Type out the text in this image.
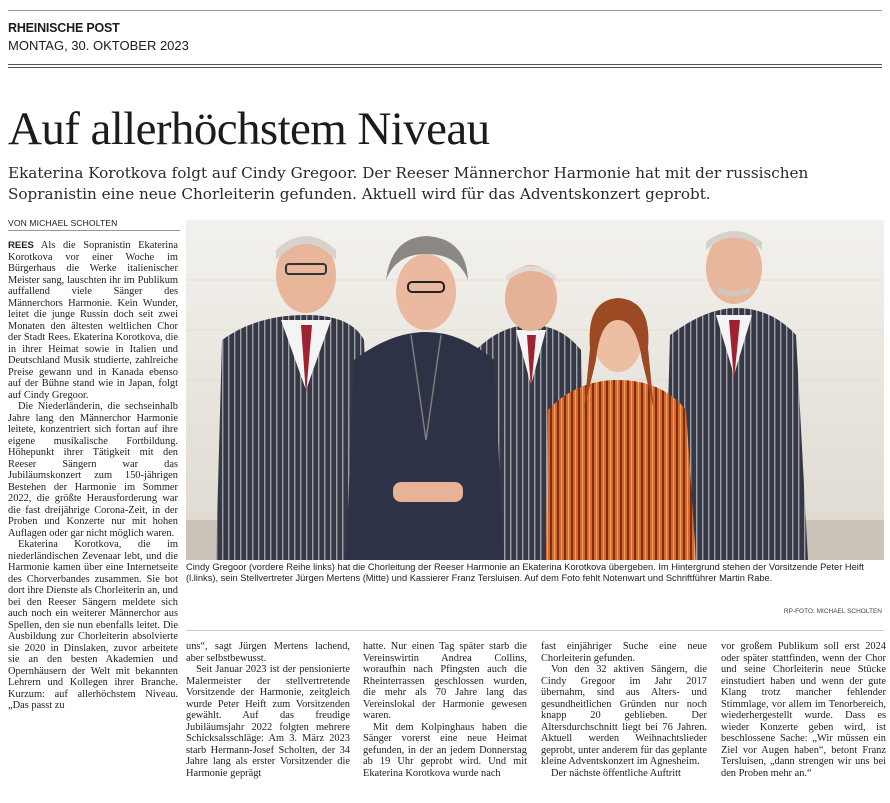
RHEINISCHE POST
MONTAG, 30. OKTOBER 2023
Auf allerhöchstem Niveau
Ekaterina Korotkova folgt auf Cindy Gregoor. Der Reeser Männerchor Harmonie hat mit der russischen Sopranistin eine neue Chorleiterin gefunden. Aktuell wird für das Adventskonzert geprobt.
VON MICHAEL SCHOLTEN

REES Als die Sopranistin Ekaterina Korotkova vor einer Woche im Bürgerhaus die Werke italienischer Meister sang, lauschten ihr im Publikum auffallend viele Sänger des Männerchors Harmonie. Kein Wunder, leitet die junge Russin doch seit zwei Monaten den ältesten weltlichen Chor der Stadt Rees. Ekaterina Korotkova, die in ihrer Heimat sowie in Italien und Deutschland Musik studierte, zahlreiche Preise gewann und in Kanada ebenso auf der Bühne stand wie in Japan, folgt auf Cindy Gregoor.

Die Niederländerin, die sechseinhalb Jahre lang den Männerchor Harmonie leitete, konzentriert sich fortan auf ihre eigene musikalische Fortbildung. Höhepunkt ihrer Tätigkeit mit den Reeser Sängern war das Jubiläumskonzert zum 150-jährigen Bestehen der Harmonie im Sommer 2022, die größte Herausforderung war die fast dreijährige Corona-Zeit, in der Proben und Konzerte nur mit hohen Auflagen oder gar nicht möglich waren.

Ekaterina Korotkova, die im niederländischen Zevenaar lebt, und die Harmonie kamen über eine Internetseite des Chorverbandes zusammen. Sie bot dort ihre Dienste als Chorleiterin an, und bei den Reeser Sängern meldete sich auch noch ein weiterer Männerchor aus Spellen, den sie nun ebenfalls leitet. Die Ausbildung zur Chorleiterin absolvierte sie 2020 in Dinslaken, zuvor arbeitete sie an den besten Akademien und Opernhäusern der Welt mit bekannten Lehrern und Kollegen ihrer Branche. Kurzum: auf allerhöchstem Niveau. „Das passt zu

Cindy Gregoor (vordere Reihe links) hat die Chorleitung der Reeser Harmonie an Ekaterina Korotkova übergeben. Im Hintergrund stehen der Vorsitzende Peter Heift (l.links), sein Stellvertreter Jürgen Mertens (Mitte) und Kassierer Franz Tersluisen. Auf dem Foto fehlt Notenwart und Schriftführer Martin Rabe.
RP-FOTO: MICHAEL SCHOLTEN

uns“, sagt Jürgen Mertens lachend, aber selbstbewusst.

Seit Januar 2023 ist der pensionierte Malermeister der stellvertretende Vorsitzende der Harmonie, zeitgleich wurde Peter Heift zum Vorsitzenden gewählt. Auf das freudige Jubiläumsjahr 2022 folgten mehrere Schicksalsschläge: Am 3. März 2023 starb Hermann-Josef Scholten, der 34 Jahre lang als erster Vorsitzender die Harmonie geprägt

hatte. Nur einen Tag später starb die Vereinswirtin Andrea Collins, woraufhin nach Pfingsten auch die Rheinterrassen geschlossen wurden, die mehr als 70 Jahre lang das Vereinslokal der Harmonie gewesen waren.

Mit dem Kolpinghaus haben die Sänger vorerst eine neue Heimat gefunden, in der an jedem Donnerstag ab 19 Uhr geprobt wird. Und mit Ekaterina Korotkova wurde nach

fast einjähriger Suche eine neue Chorleiterin gefunden.

Von den 32 aktiven Sängern, die Cindy Gregoor im Jahr 2017 übernahm, sind aus Alters- und gesundheitlichen Gründen nur noch knapp 20 geblieben. Der Altersdurchschnitt liegt bei 76 Jahren. Aktuell werden Weihnachtslieder geprobt, unter anderem für das geplante kleine Adventskonzert im Agnesheim.

Der nächste öffentliche Auftritt

vor großem Publikum soll erst 2024 oder später stattfinden, wenn der Chor und seine Chorleiterin neue Stücke einstudiert haben und wenn der gute Klang trotz mancher fehlender Stimmlage, vor allem im Tenorbereich, wiederhergestellt wurde. Dass es wieder Konzerte geben wird, ist beschlossene Sache: „Wir müssen ein Ziel vor Augen haben“, betont Franz Tersluisen, „dann strengen wir uns bei den Proben mehr an.“
